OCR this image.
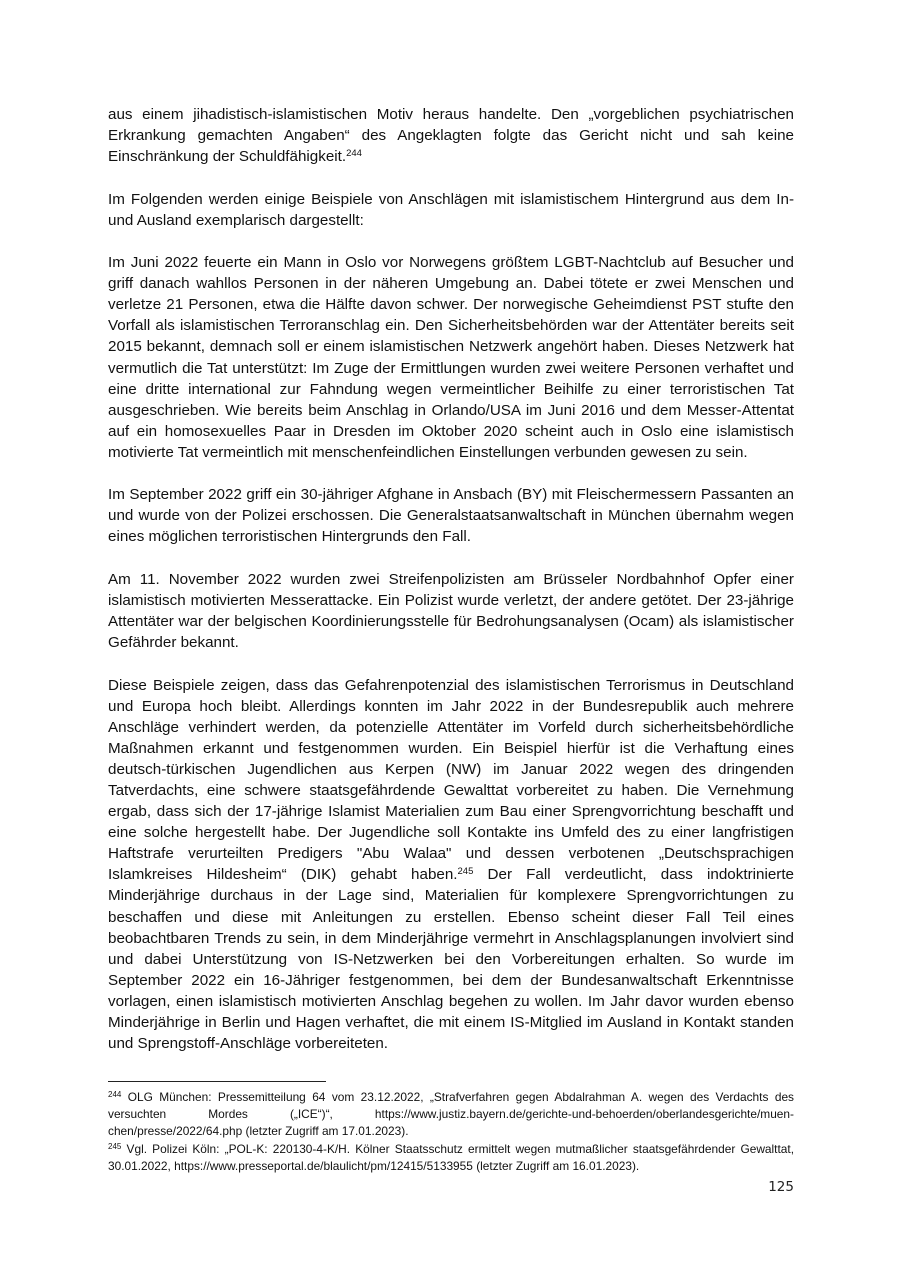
aus einem jihadistisch-islamistischen Motiv heraus handelte. Den „vorgeblichen psychiatrischen Erkrankung gemachten Angaben“ des Angeklagten folgte das Gericht nicht und sah keine Einschränkung der Schuldfähigkeit.$^{244}$

Im Folgenden werden einige Beispiele von Anschlägen mit islamistischem Hintergrund aus dem In- und Ausland exemplarisch dargestellt:

Im Juni 2022 feuerte ein Mann in Oslo vor Norwegens größtem LGBT-Nachtclub auf Besucher und griff danach wahllos Personen in der näheren Umgebung an. Dabei tötete er zwei Menschen und verletze 21 Personen, etwa die Hälfte davon schwer. Der norwegische Geheimdienst PST stufte den Vorfall als islamistischen Terroranschlag ein. Den Sicherheitsbehörden war der Attentäter bereits seit 2015 bekannt, demnach soll er einem islamistischen Netzwerk angehört haben. Dieses Netzwerk hat vermutlich die Tat unterstützt: Im Zuge der Ermittlungen wurden zwei weitere Personen verhaftet und eine dritte international zur Fahndung wegen vermeintlicher Beihilfe zu einer terroristischen Tat ausgeschrieben. Wie bereits beim Anschlag in Orlando/USA im Juni 2016 und dem Messer-Attentat auf ein homosexuelles Paar in Dresden im Oktober 2020 scheint auch in Oslo eine islamistisch motivierte Tat vermeintlich mit menschenfeindlichen Einstellungen verbunden gewesen zu sein.

Im September 2022 griff ein 30-jähriger Afghane in Ansbach (BY) mit Fleischermessern Passanten an und wurde von der Polizei erschossen. Die Generalstaatsanwaltschaft in München übernahm wegen eines möglichen terroristischen Hintergrunds den Fall.

Am 11. November 2022 wurden zwei Streifenpolizisten am Brüsseler Nordbahnhof Opfer einer islamistisch motivierten Messerattacke. Ein Polizist wurde verletzt, der andere getötet. Der 23-jährige Attentäter war der belgischen Koordinierungsstelle für Bedrohungsanalysen (Ocam) als islamistischer Gefährder bekannt.

Diese Beispiele zeigen, dass das Gefahrenpotenzial des islamistischen Terrorismus in Deutschland und Europa hoch bleibt. Allerdings konnten im Jahr 2022 in der Bundesrepublik auch mehrere Anschläge verhindert werden, da potenzielle Attentäter im Vorfeld durch sicherheitsbehördliche Maßnahmen erkannt und festgenommen wurden. Ein Beispiel hierfür ist die Verhaftung eines deutsch-türkischen Jugendlichen aus Kerpen (NW) im Januar 2022 wegen des dringenden Tatverdachts, eine schwere staatsgefährdende Gewalttat vorbereitet zu haben. Die Vernehmung ergab, dass sich der 17-jährige Islamist Materialien zum Bau einer Sprengvorrichtung beschafft und eine solche hergestellt habe. Der Jugendliche soll Kontakte ins Umfeld des zu einer langfristigen Haftstrafe verurteilten Predigers "Abu Walaa" und dessen verbotenen „Deutschsprachigen Islamkreises Hildesheim“ (DIK) gehabt haben.$^{245}$ Der Fall verdeutlicht, dass indoktrinierte Minderjährige durchaus in der Lage sind, Materialien für komplexere Sprengvorrichtungen zu beschaffen und diese mit Anleitungen zu erstellen. Ebenso scheint dieser Fall Teil eines beobachtbaren Trends zu sein, in dem Minderjährige vermehrt in Anschlagsplanungen involviert sind und dabei Unterstützung von IS-Netzwerken bei den Vorbereitungen erhalten. So wurde im September 2022 ein 16-Jähriger festgenommen, bei dem der Bundesanwaltschaft Erkenntnisse vorlagen, einen islamistisch motivierten Anschlag begehen zu wollen. Im Jahr davor wurden ebenso Minderjährige in Berlin und Hagen verhaftet, die mit einem IS-Mitglied im Ausland in Kontakt standen und Sprengstoff-Anschläge vorbereiteten.

$^{244}$ OLG München: Pressemitteilung 64 vom 23.12.2022, „Strafverfahren gegen Abdalrahman A. wegen des Verdachts des versuchten Mordes („ICE“)“, https://www.justiz.bayern.de/gerichte-und-behoerden/oberlandesgerichte/muenchen/presse/2022/64.php (letzter Zugriff am 17.01.2023).

$^{245}$ Vgl. Polizei Köln: „POL-K: 220130-4-K/H. Kölner Staatsschutz ermittelt wegen mutmaßlicher staatsgefährdender Gewalttat, 30.01.2022, https://www.presseportal.de/blaulicht/pm/12415/5133955 (letzter Zugriff am 16.01.2023).

125
